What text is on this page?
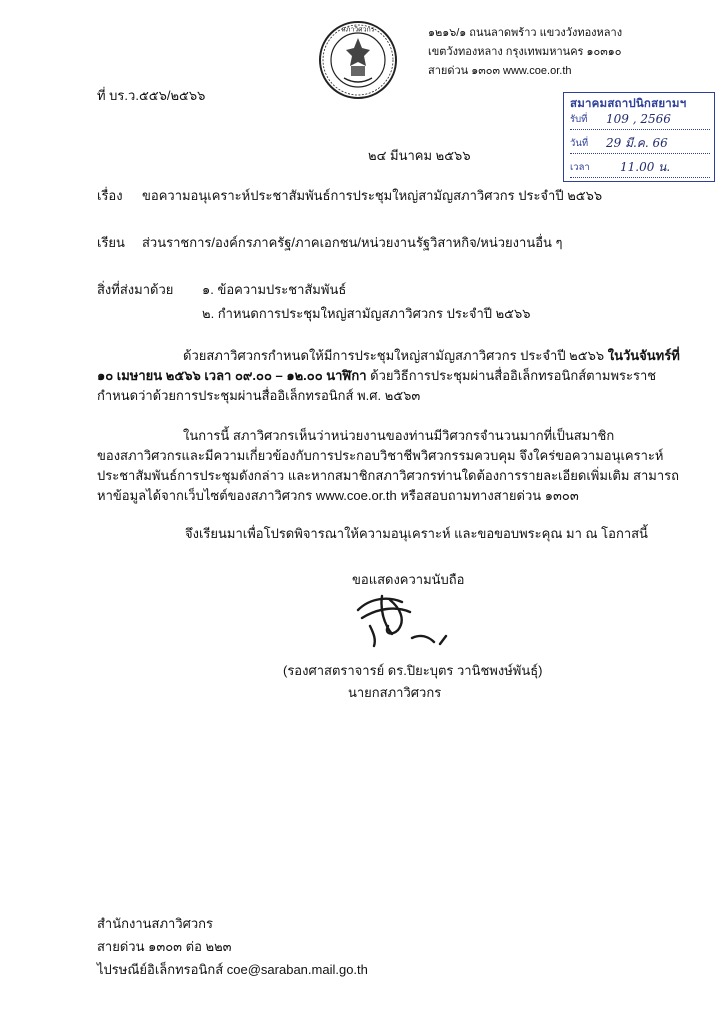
สภาวิศวกร	๑๒๑๖/๑ ถนนลาดพร้าว แขวงวังทองหลาง
เขตวังทองหลาง กรุงเทพมหานคร ๑๐๓๑๐
สายด่วน ๑๓๐๓ www.coe.or.th
ที่ บร.ว.๕๕๖/๒๕๖๖
สมาคมสถาปนิกสยามฯ
รับที่ 109 , 2566
วันที่ 29 มี.ค. 66
เวลา	11.00 น.
๒๔ มีนาคม ๒๕๖๖
เรื่อง ขอความอนุเคราะห์ประชาสัมพันธ์การประชุมใหญ่สามัญสภาวิศวกร ประจำปี ๒๕๖๖
เรียน ส่วนราชการ/องค์กรภาครัฐ/ภาคเอกชน/หน่วยงานรัฐวิสาหกิจ/หน่วยงานอื่น ๆ
สิ่งที่ส่งมาด้วย ๑. ข้อความประชาสัมพันธ์
๒. กำหนดการประชุมใหญ่สามัญสภาวิศวกร ประจำปี ๒๕๖๖

ด้วยสภาวิศวกรกำหนดให้มีการประชุมใหญ่สามัญสภาวิศวกร ประจำปี ๒๕๖๖ ในวันจันทร์ที่

๑๐ เมษายน ๒๕๖๖ เวลา ๐๙.๐๐ – ๑๒.๐๐ นาฬิกา ด้วยวิธีการประชุมผ่านสื่ออิเล็กทรอนิกส์ตามพระราช

กำหนดว่าด้วยการประชุมผ่านสื่ออิเล็กทรอนิกส์ พ.ศ. ๒๕๖๓

ในการนี้ สภาวิศวกรเห็นว่าหน่วยงานของท่านมีวิศวกรจำนวนมากที่เป็นสมาชิก

ของสภาวิศวกรและมีความเกี่ยวข้องกับการประกอบวิชาชีพวิศวกรรมควบคุม จึงใคร่ขอความอนุเคราะห์

ประชาสัมพันธ์การประชุมดังกล่าว และหากสมาชิกสภาวิศวกรท่านใดต้องการรายละเอียดเพิ่มเติม สามารถ

หาข้อมูลได้จากเว็บไซต์ของสภาวิศวกร www.coe.or.th หรือสอบถามทางสายด่วน ๑๓๐๓

จึงเรียนมาเพื่อโปรดพิจารณาให้ความอนุเคราะห์ และขอขอบพระคุณ มา ณ โอกาสนี้
ขอแสดงความนับถือ
(รองศาสตราจารย์ ดร.ปิยะบุตร วานิชพงษ์พันธุ์)
นายกสภาวิศวกร
สำนักงานสภาวิศวกร
สายด่วน ๑๓๐๓ ต่อ ๒๒๓
ไปรษณีย์อิเล็กทรอนิกส์ coe@saraban.mail.go.th
